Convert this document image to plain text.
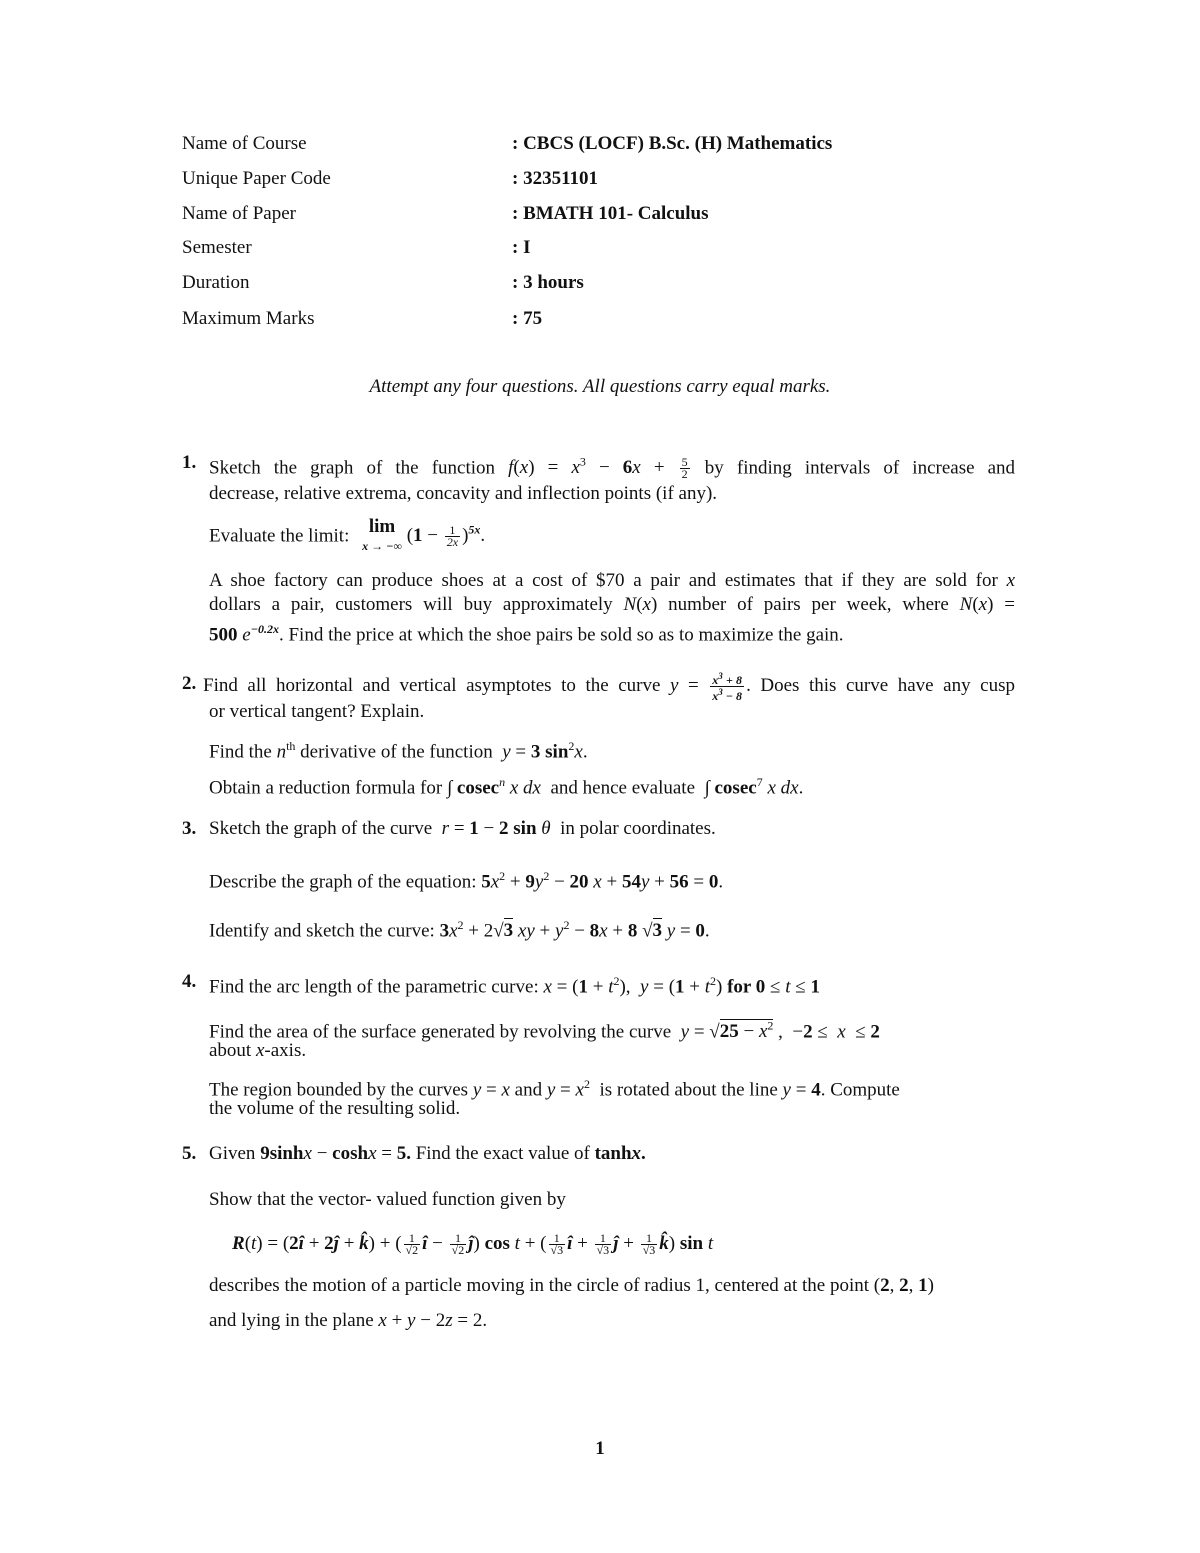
Name of Course	: CBCS (LOCF) B.Sc. (H) Mathematics
Unique Paper Code	: 32351101
Name of Paper	: BMATH 101- Calculus
Semester	: I
Duration	: 3 hours
Maximum Marks	: 75
Attempt any four questions. All questions carry equal marks.
1. Sketch the graph of the function $f(x) = x^3 - 6x + \frac{5}{2}$ by finding intervals of increase and
decrease, relative extrema, concavity and inflection points (if any).
Evaluate the limit: lim
x → −∞ $(1 - \frac{1}{2x} )^{5x}$.
A shoe factory can produce shoes at a cost of $70 a pair and estimates that if they are sold for x
dollars a pair, customers will buy approximately N(x) number of pairs per week, where N(x) =
500 $e^{-0.2x}$. Find the price at which the shoe pairs be sold so as to maximize the gain.
2. Find all horizontal and vertical asymptotes to the curve $y = \frac{x^3 + 8}{x^3 - 8}$ . Does this curve have any cusp
or vertical tangent? Explain.
Find the $n^{th}$ derivative of the function y = 3 $\sin^2x$.
Obtain a reduction formula for ∫ cosec$^n$ x dx and hence evaluate  ∫ cosec$^7$ x dx.
3. Sketch the graph of the curve r = 1 − 2 sin θ in polar coordinates.
Describe the graph of the equation: $5x^2 + 9y^2 - 20$ x + 54y + 56 = 0.
Identify and sketch the curve: $3x^2 + 2√3$ xy + $y^2 - 8x + 8$ √3 y = 0.
4. Find the arc length of the parametric curve: $x = (1 + t^2)$,  $y = (1 + t^2)$ for 0 ≤ t ≤ 1
Find the area of the surface generated by revolving the curve $y = √25 - x^2$ ,  −2 ≤  x  ≤ 2
about x-axis.
The region bounded by the curves y = x and $y = x^2$ is rotated about the line y = 4. Compute
the volume of the resulting solid.
5. Given 9sinhx − coshx = 5. Find the exact value of tanhx.
Show that the vector- valued function given by
R(t) = (2î + 2ĵ + k̂) + ( $\frac{1}{√2}$ î − $\frac{1}{√2}$ ĵ) cos t + ( $\frac{1}{√3}$ î + $\frac{1}{√3}$ ĵ + $\frac{1}{√3}$ k̂) sin t
describes the motion of a particle moving in the circle of radius 1, centered at the point (2, 2, 1)
and lying in the plane x + y − 2z = 2.
1
